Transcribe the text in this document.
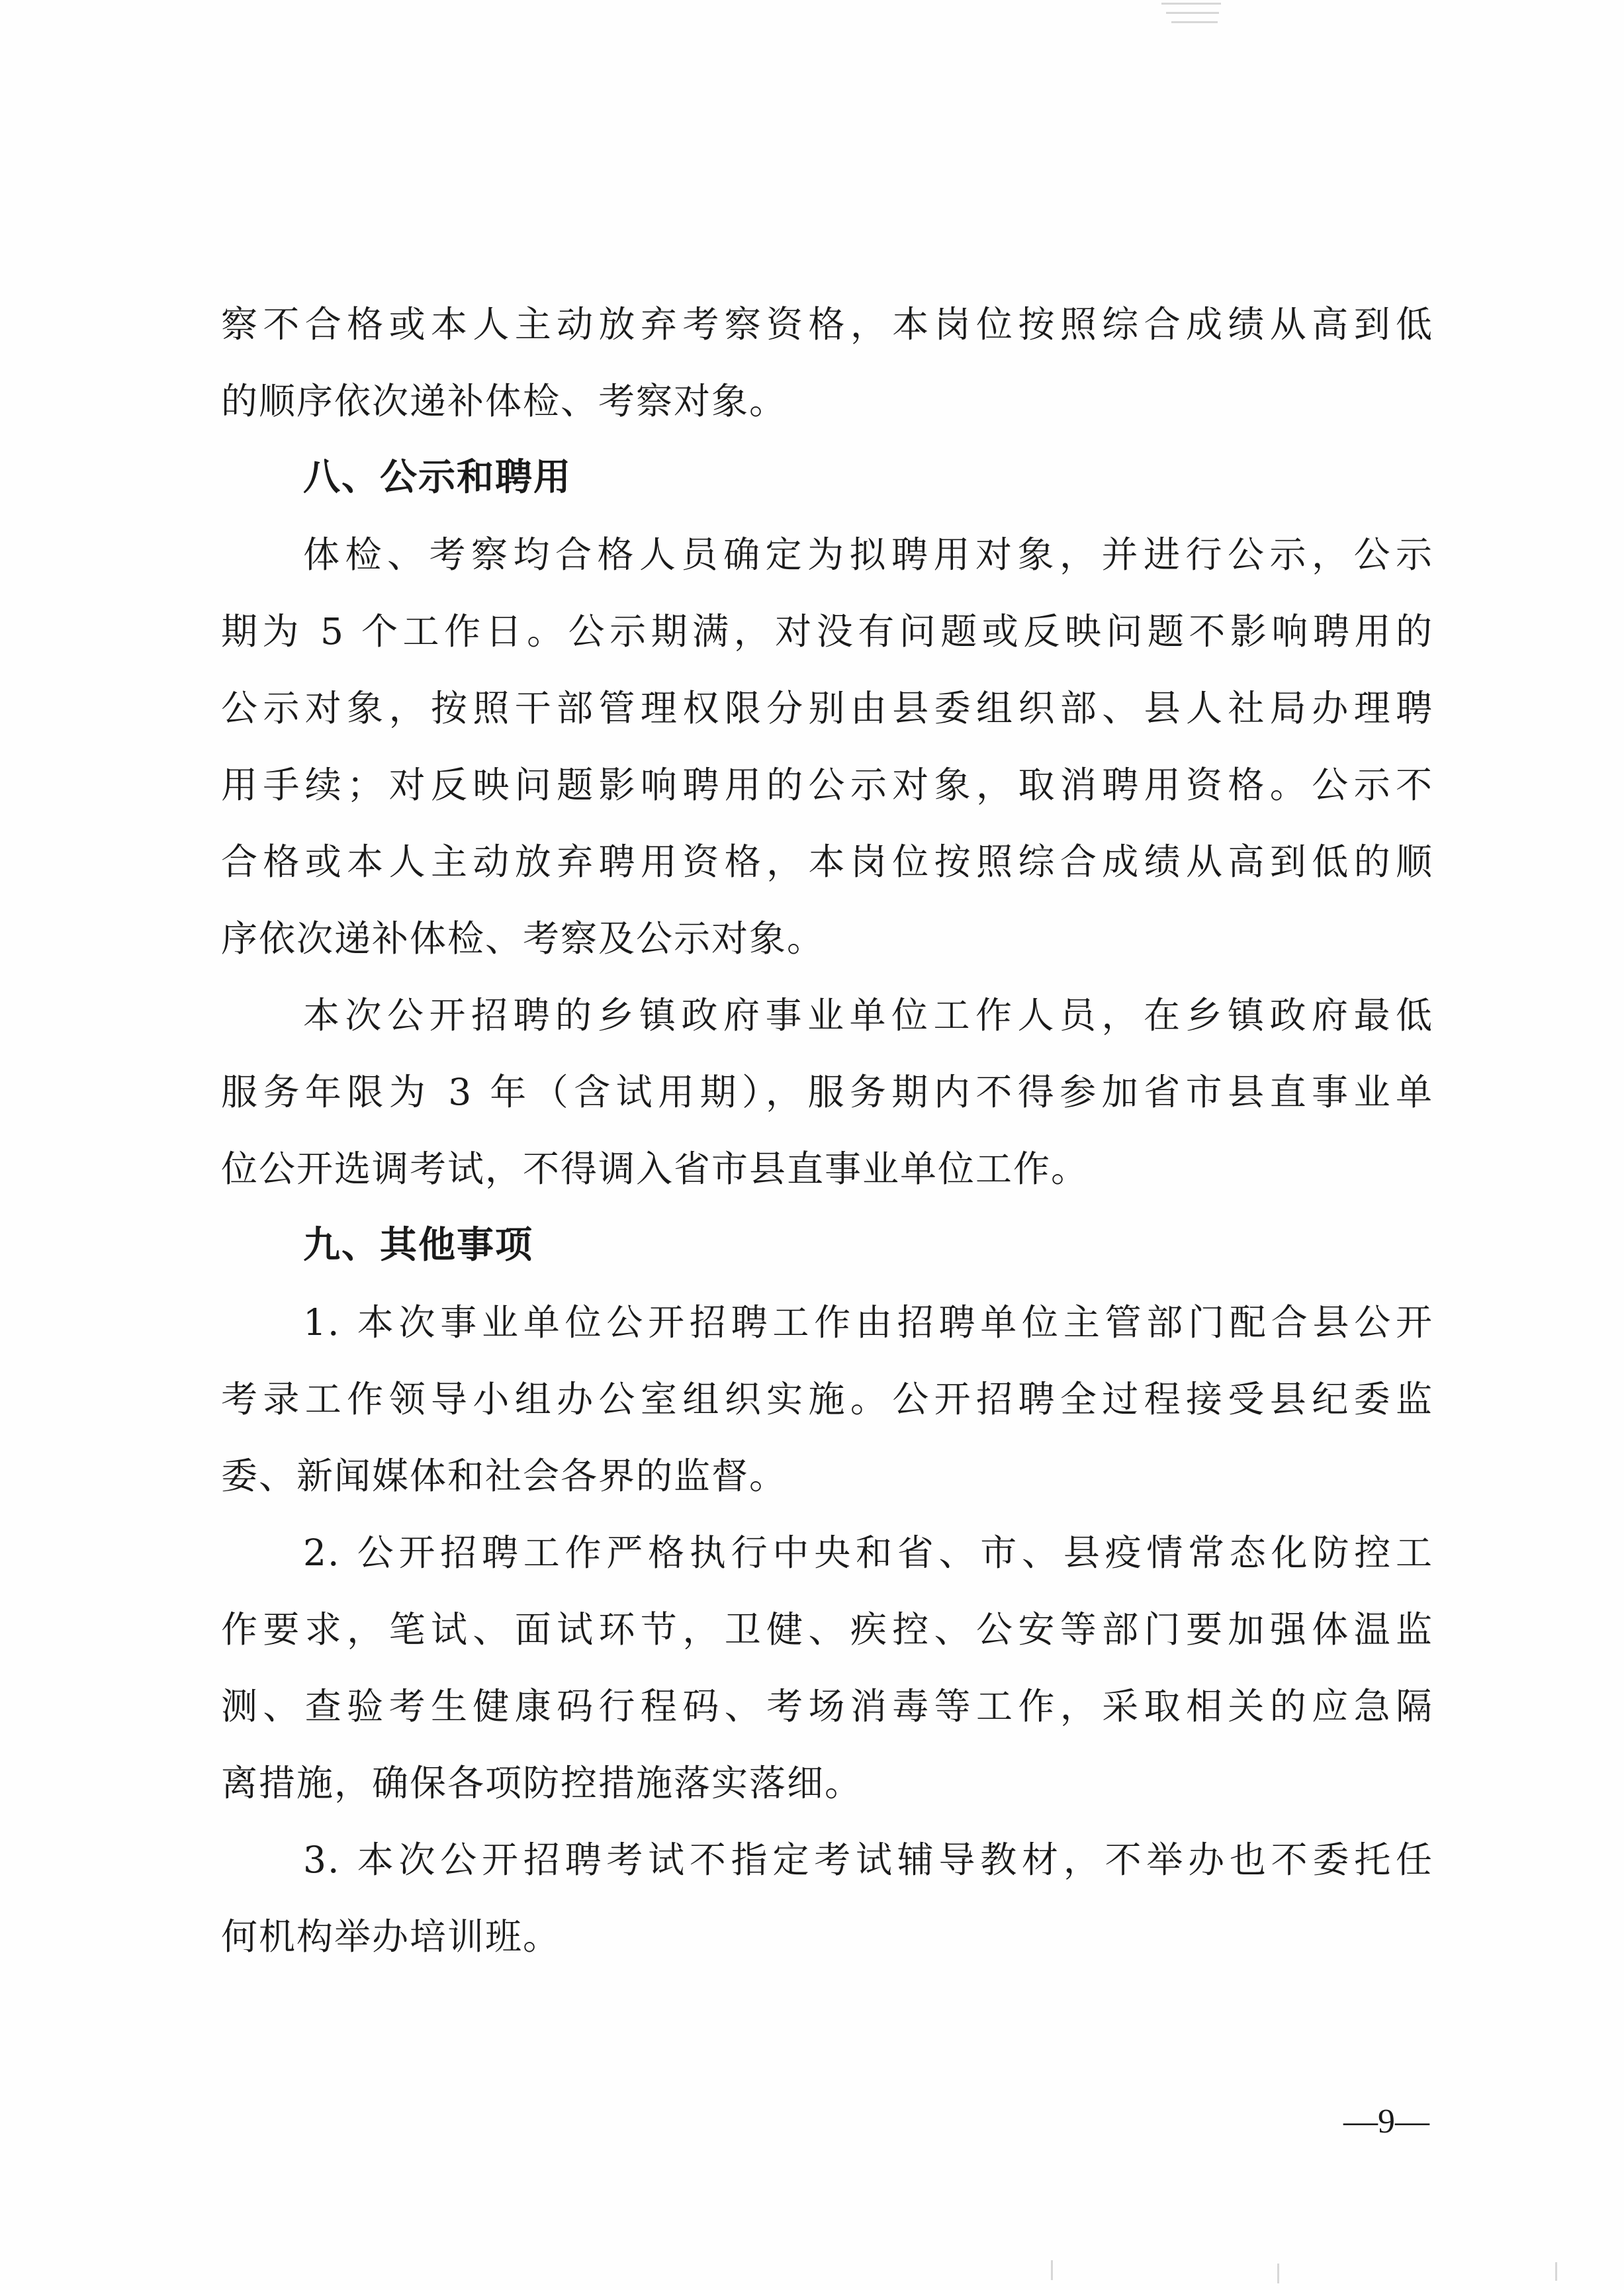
察不合格或本人主动放弃考察资格，本岗位按照综合成绩从高到低
的顺序依次递补体检、考察对象。
八、公示和聘用
体检、考察均合格人员确定为拟聘用对象，并进行公示，公示
期为 5 个工作日。公示期满，对没有问题或反映问题不影响聘用的
公示对象，按照干部管理权限分别由县委组织部、县人社局办理聘
用手续；对反映问题影响聘用的公示对象，取消聘用资格。公示不
合格或本人主动放弃聘用资格，本岗位按照综合成绩从高到低的顺
序依次递补体检、考察及公示对象。
本次公开招聘的乡镇政府事业单位工作人员，在乡镇政府最低
服务年限为 3 年（含试用期），服务期内不得参加省市县直事业单
位公开选调考试，不得调入省市县直事业单位工作。
九、其他事项
1. 本次事业单位公开招聘工作由招聘单位主管部门配合县公开
考录工作领导小组办公室组织实施。公开招聘全过程接受县纪委监
委、新闻媒体和社会各界的监督。
2. 公开招聘工作严格执行中央和省、市、县疫情常态化防控工
作要求，笔试、面试环节，卫健、疾控、公安等部门要加强体温监
测、查验考生健康码行程码、考场消毒等工作，采取相关的应急隔
离措施，确保各项防控措施落实落细。
3. 本次公开招聘考试不指定考试辅导教材，不举办也不委托任
何机构举办培训班。
—9—
